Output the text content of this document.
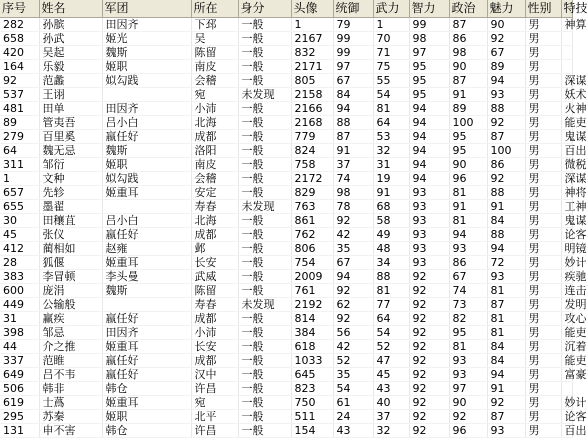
序号	姓名	军团	所在	身分	头像	统御	武力	智力	政治	魅力	性别	特技
282	孙膑	田因齐	下邳	一般	1	79	1	99	87	90	男	神算
658	孙武	姬光	吴	一般	2167	99	70	98	86	92	男	
420	吴起	魏斯	陈留	一般	832	99	71	97	98	67	男	
164	乐毅	姬职	南皮	一般	2171	97	75	95	90	89	男	
92	范蠡	姒勾践	会稽	一般	805	67	55	95	87	94	男	深谋
537	王诩		宛	未发现	2158	84	54	95	91	93	男	妖术
481	田单	田因齐	小沛	一般	2166	94	81	94	89	88	男	火神
89	管夷吾	吕小白	北海	一般	2168	88	64	94	100	92	男	能吏
279	百里奚	嬴任好	成都	一般	779	87	53	94	95	87	男	鬼谋
64	魏无忌	魏斯	洛阳	一般	824	91	32	94	95	100	男	百出
311	邹衍	姬职	南皮	一般	758	37	31	94	90	86	男	微税
1	文种	姒勾践	会稽	一般	2172	74	19	94	96	92	男	深谋
657	先轸	姬重耳	安定	一般	829	98	91	93	81	88	男	神将
655	墨翟		寿春	未发现	763	78	68	93	91	91	男	工神
30	田穰苴	吕小白	北海	一般	861	92	58	93	81	84	男	鬼谋
45	张仪	嬴任好	成都	一般	762	42	49	93	94	88	男	论客
412	蔺相如	赵雍	邺	一般	806	35	48	93	93	94	男	明镜
28	狐偃	姬重耳	长安	一般	754	67	34	93	86	72	男	妙计
383	李冒顿	李头曼	武威	一般	2009	94	88	92	67	93	男	疾驰
600	庞涓	魏斯	陈留	一般	761	92	81	92	74	81	男	连击
449	公输般		寿春	未发现	2192	62	77	92	73	87	男	发明
31	赢疾	嬴任好	成都	一般	814	92	64	92	82	81	男	攻心
398	邹忌	田因齐	小沛	一般	384	56	54	92	95	81	男	能吏
44	介之推	姬重耳	长安	一般	618	42	52	92	81	84	男	沉着
337	范睢	嬴任好	成都	一般	1033	52	47	92	93	84	男	能吏
649	吕不韦	嬴任好	汉中	一般	645	35	45	92	93	94	男	富豪
506	韩非	韩仓	许昌	一般	823	54	43	92	97	91	男	
619	士蔿	姬重耳	宛	一般	750	61	40	92	90	92	男	妙计
295	苏秦	姬职	北平	一般	511	24	37	92	92	87	男	论客
131	申不害	韩仓	许昌	一般	154	43	32	92	96	93	男	百出
